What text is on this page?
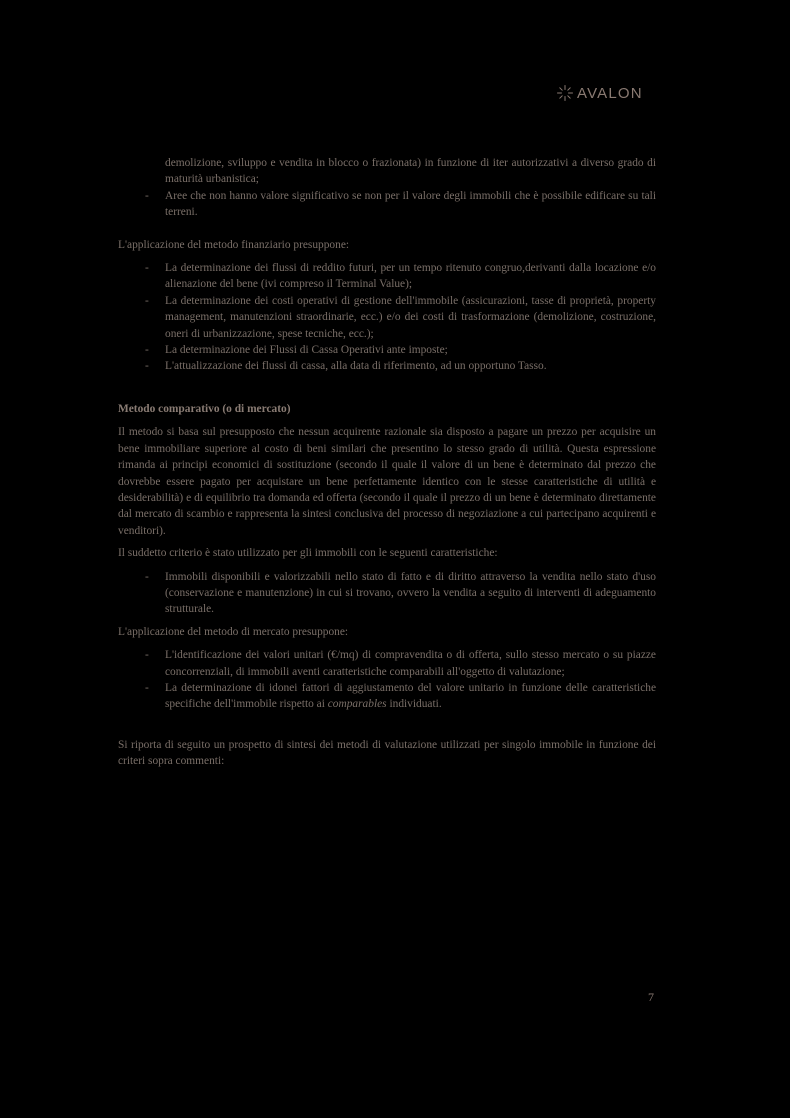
AVALON
demolizione, sviluppo e vendita in blocco o frazionata) in funzione di iter autorizzativi a diverso grado di maturità urbanistica;
- Aree che non hanno valore significativo se non per il valore degli immobili che è possibile edificare su tali terreni.

L'applicazione del metodo finanziario presuppone:

- La determinazione dei flussi di reddito futuri, per un tempo ritenuto congruo,derivanti dalla locazione e/o alienazione del bene (ivi compreso il Terminal Value);
- La determinazione dei costi operativi di gestione dell'immobile (assicurazioni, tasse di proprietà, property management, manutenzioni straordinarie, ecc.) e/o dei costi di trasformazione (demolizione, costruzione, oneri di urbanizzazione, spese tecniche, ecc.);
- La determinazione dei Flussi di Cassa Operativi ante imposte;
- L'attualizzazione dei flussi di cassa, alla data di riferimento, ad un opportuno Tasso.

Metodo comparativo (o di mercato)

Il metodo si basa sul presupposto che nessun acquirente razionale sia disposto a pagare un prezzo per acquisire un bene immobiliare superiore al costo di beni similari che presentino lo stesso grado di utilità. Questa espressione rimanda ai principi economici di sostituzione (secondo il quale il valore di un bene è determinato dal prezzo che dovrebbe essere pagato per acquistare un bene perfettamente identico con le stesse caratteristiche di utilità e desiderabilità) e di equilibrio tra domanda ed offerta (secondo il quale il prezzo di un bene è determinato direttamente dal mercato di scambio e rappresenta la sintesi conclusiva del processo di negoziazione a cui partecipano acquirenti e venditori).

Il suddetto criterio è stato utilizzato per gli immobili con le seguenti caratteristiche:

- Immobili disponibili e valorizzabili nello stato di fatto e di diritto attraverso la vendita nello stato d'uso (conservazione e manutenzione) in cui si trovano, ovvero la vendita a seguito di interventi di adeguamento strutturale.

L'applicazione del metodo di mercato presuppone:

- L'identificazione dei valori unitari (€/mq) di compravendita o di offerta, sullo stesso mercato o su piazze concorrenziali, di immobili aventi caratteristiche comparabili all'oggetto di valutazione;
- La determinazione di idonei fattori di aggiustamento del valore unitario in funzione delle caratteristiche specifiche dell'immobile rispetto ai comparables individuati.

Si riporta di seguito un prospetto di sintesi dei metodi di valutazione utilizzati per singolo immobile in funzione dei criteri sopra commenti:

7
